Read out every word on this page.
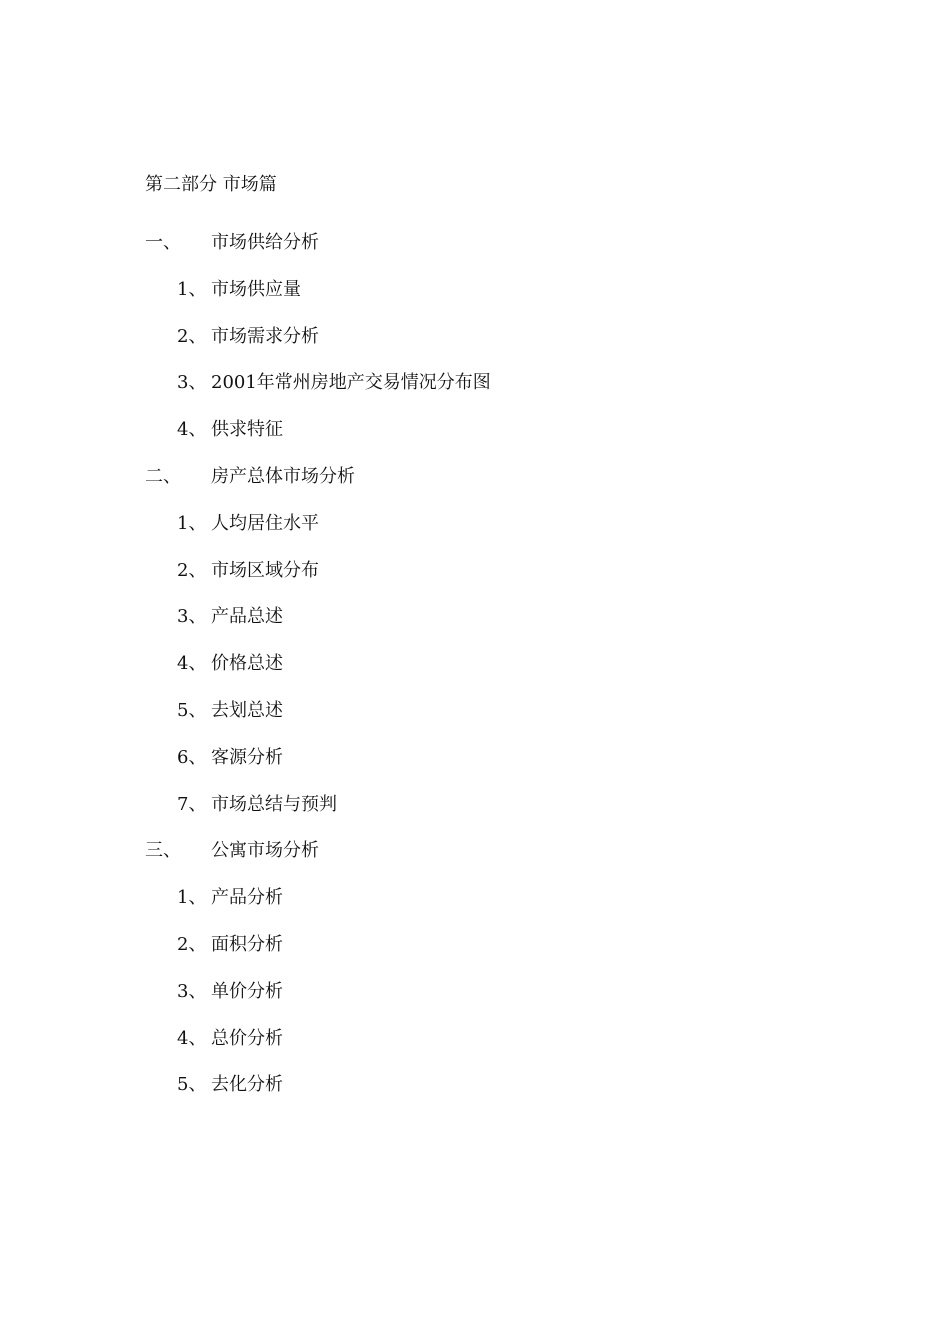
第二部分 市场篇
一、 市场供给分析
1、 市场供应量
2、 市场需求分析
3、 2001年常州房地产交易情况分布图
4、 供求特征
二、 房产总体市场分析
1、 人均居住水平
2、 市场区域分布
3、 产品总述
4、 价格总述
5、 去划总述
6、 客源分析
7、 市场总结与预判
三、 公寓市场分析
1、 产品分析
2、 面积分析
3、 单价分析
4、 总价分析
5、 去化分析
